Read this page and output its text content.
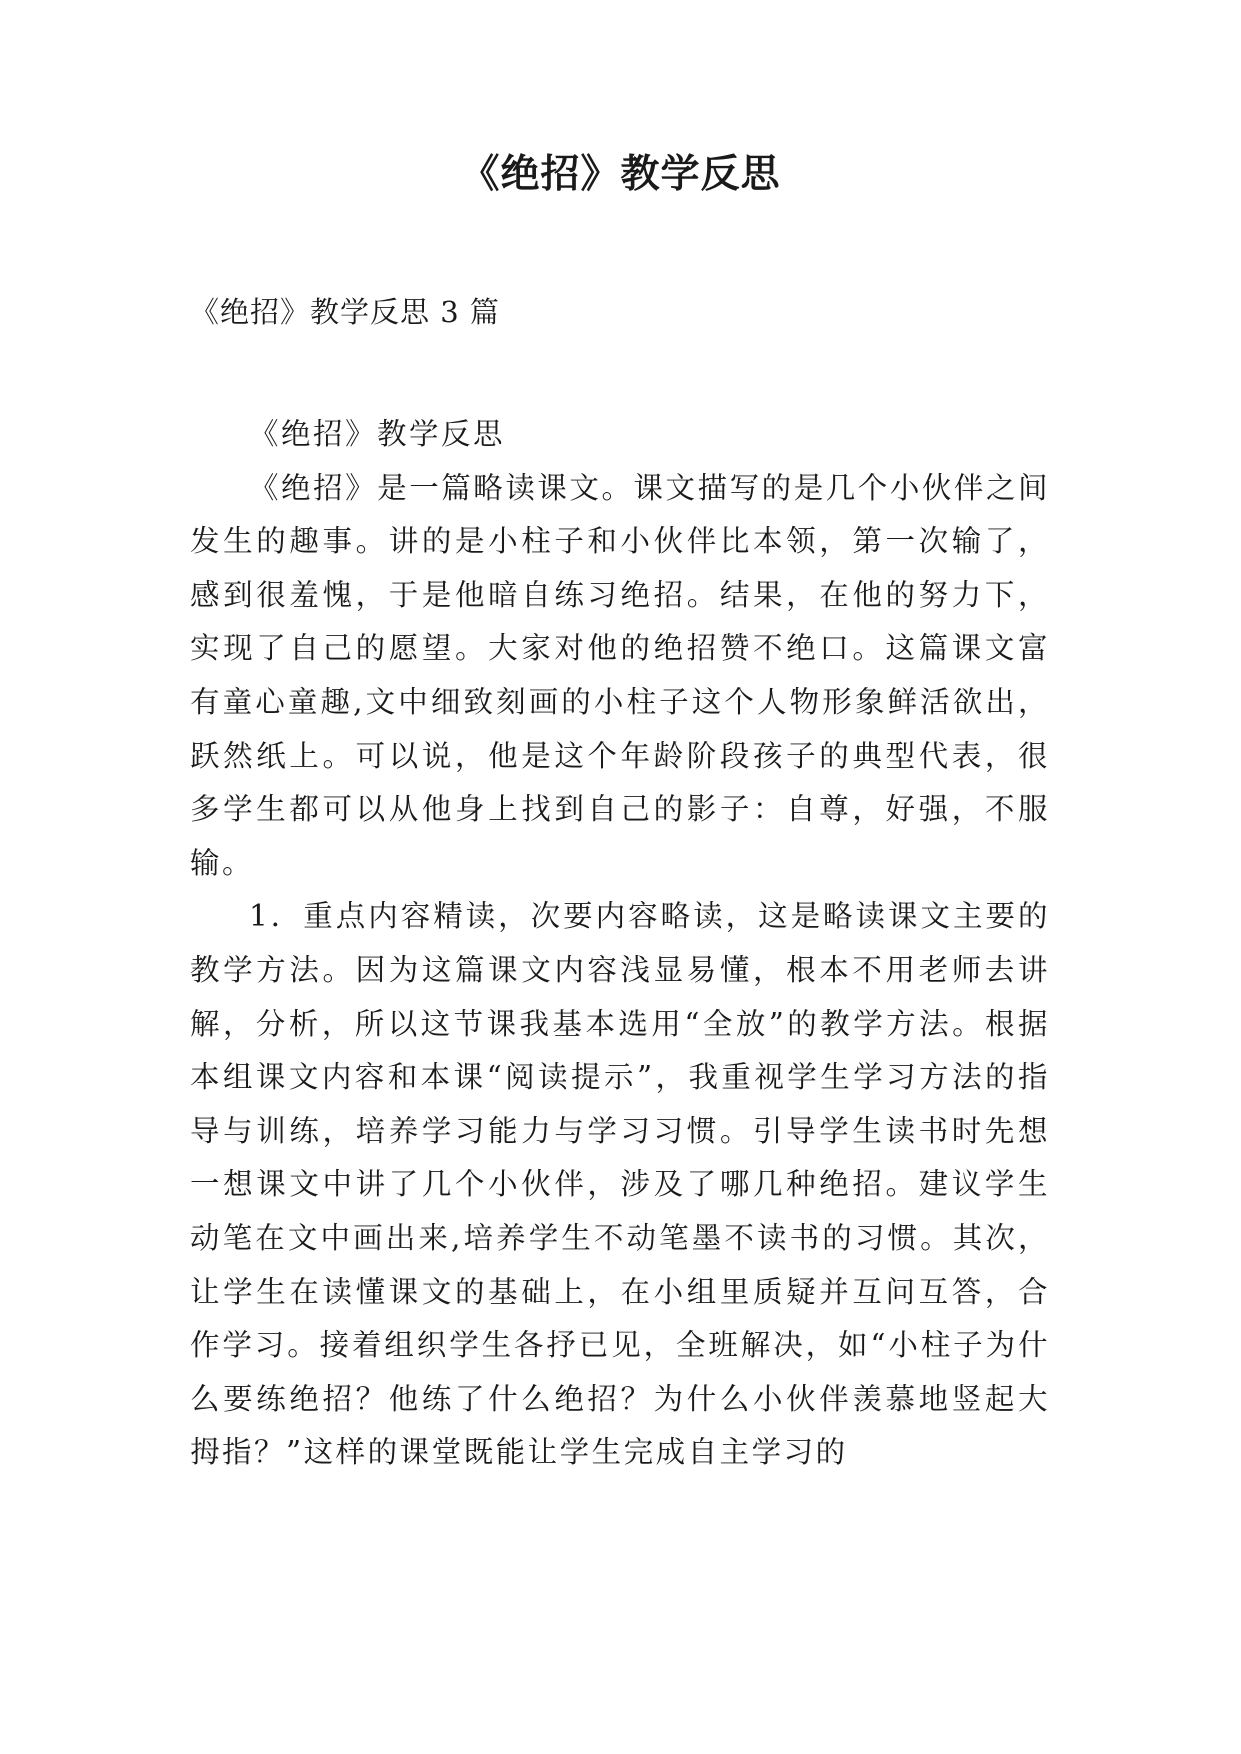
《绝招》教学反思

《绝招》教学反思 3 篇

《绝招》教学反思

《绝招》是一篇略读课文。课文描写的是几个小伙伴之间发生的趣事。讲的是小柱子和小伙伴比本领，第一次输了，感到很羞愧，于是他暗自练习绝招。结果，在他的努力下，实现了自己的愿望。大家对他的绝招赞不绝口。这篇课文富有童心童趣,文中细致刻画的小柱子这个人物形象鲜活欲出，跃然纸上。可以说，他是这个年龄阶段孩子的典型代表，很多学生都可以从他身上找到自己的影子：自尊，好强，不服输。

1．重点内容精读，次要内容略读，这是略读课文主要的教学方法。因为这篇课文内容浅显易懂，根本不用老师去讲解，分析，所以这节课我基本选用“全放”的教学方法。根据本组课文内容和本课“阅读提示”，我重视学生学习方法的指导与训练，培养学习能力与学习习惯。引导学生读书时先想一想课文中讲了几个小伙伴，涉及了哪几种绝招。建议学生动笔在文中画出来,培养学生不动笔墨不读书的习惯。其次，让学生在读懂课文的基础上，在小组里质疑并互问互答，合作学习。接着组织学生各抒已见，全班解决，如“小柱子为什么要练绝招？他练了什么绝招？为什么小伙伴羡慕地竖起大拇指？”这样的课堂既能让学生完成自主学习的
